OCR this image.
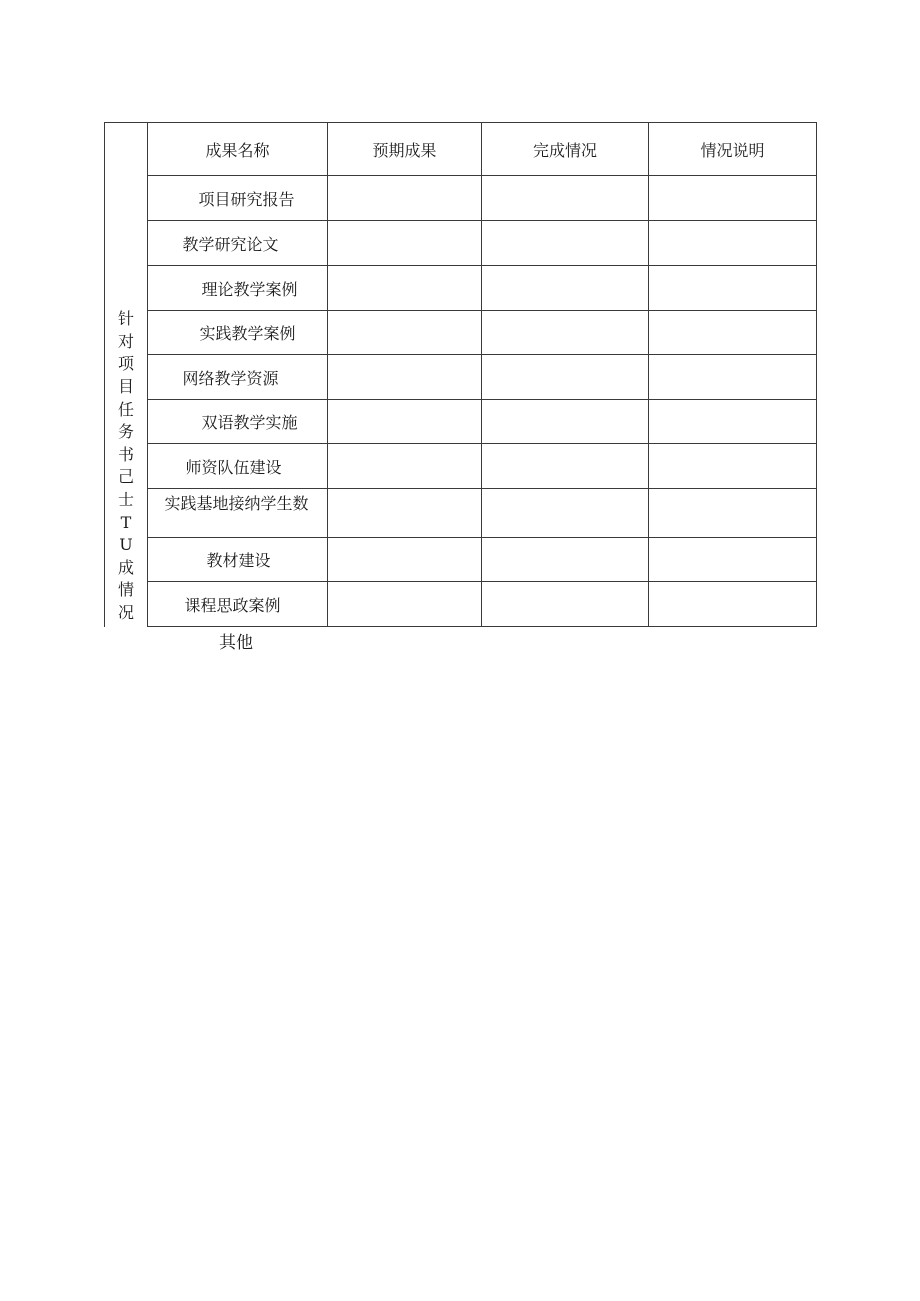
针对项目任务书己士TU成情况	成果名称	预期成果	完成情况	情况说明
	项目研究报告			
	教学研究论文			
	理论教学案例			
	实践教学案例			
	网络教学资源			
	双语教学实施			
	师资队伍建设			
	实践基地接纳学生数			
	教材建设			
	课程思政案例			
其他
